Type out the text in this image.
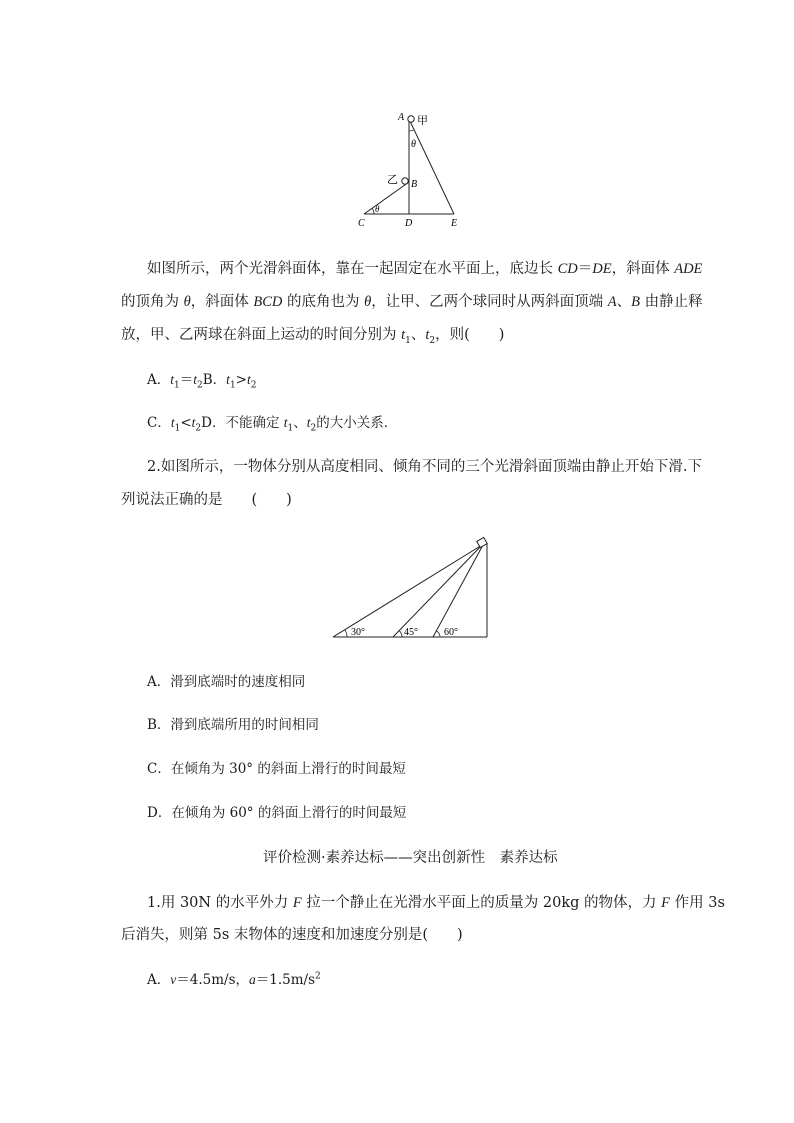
A 甲
θ
乙 B
θ
C	D	E
如图所示，两个光滑斜面体，靠在一起固定在水平面上，底边长 CD＝DE，斜面体 ADE
的顶角为 θ，斜面体 BCD 的底角也为 θ，让甲、乙两个球同时从两斜面顶端 A、B 由静止释
放，甲、乙两球在斜面上运动的时间分别为 $t_1$、$t_2$，则(　　)
A．$t_1=t_2B$．$t_1>t_2$
C．$t_1<t_2D$．不能确定 $t_1$、$t_2$的大小关系．
2.如图所示，一物体分别从高度相同、倾角不同的三个光滑斜面顶端由静止开始下滑.下
列说法正确的是　　(　　)
30°	45°	60°
A．滑到底端时的速度相同
B．滑到底端所用的时间相同
C．在倾角为 30° 的斜面上滑行的时间最短
D．在倾角为 60° 的斜面上滑行的时间最短
评价检测·素养达标——突出创新性　素养达标
1.用 30N 的水平外力 F 拉一个静止在光滑水平面上的质量为 20kg 的物体，力 F 作用 3s
后消失，则第 5s 末物体的速度和加速度分别是(　　)
A．v＝4.5m/s，$a=1.5m/s^2$
